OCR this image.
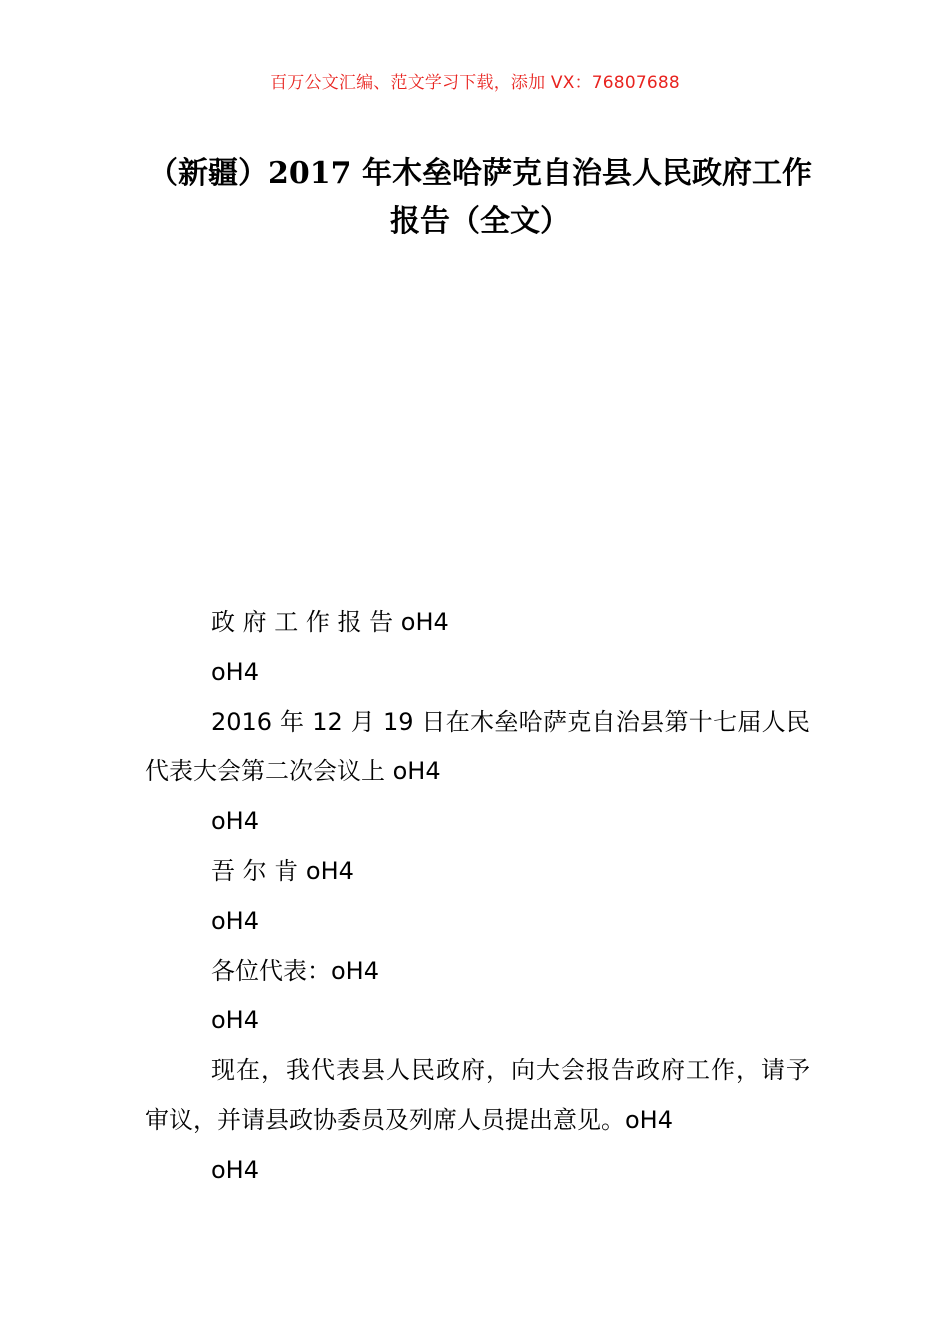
百万公文汇编、范文学习下载，添加 VX：76807688
（新疆）2017 年木垒哈萨克自治县人民政府工作报告（全文）

政 府 工 作 报 告 oH4

oH4

2016 年 12 月 19 日在木垒哈萨克自治县第十七届人民代表大会第二次会议上 oH4

oH4

吾 尔 肯 oH4

oH4

各位代表：oH4

oH4

现在，我代表县人民政府，向大会报告政府工作，请予审议，并请县政协委员及列席人员提出意见。oH4

oH4
